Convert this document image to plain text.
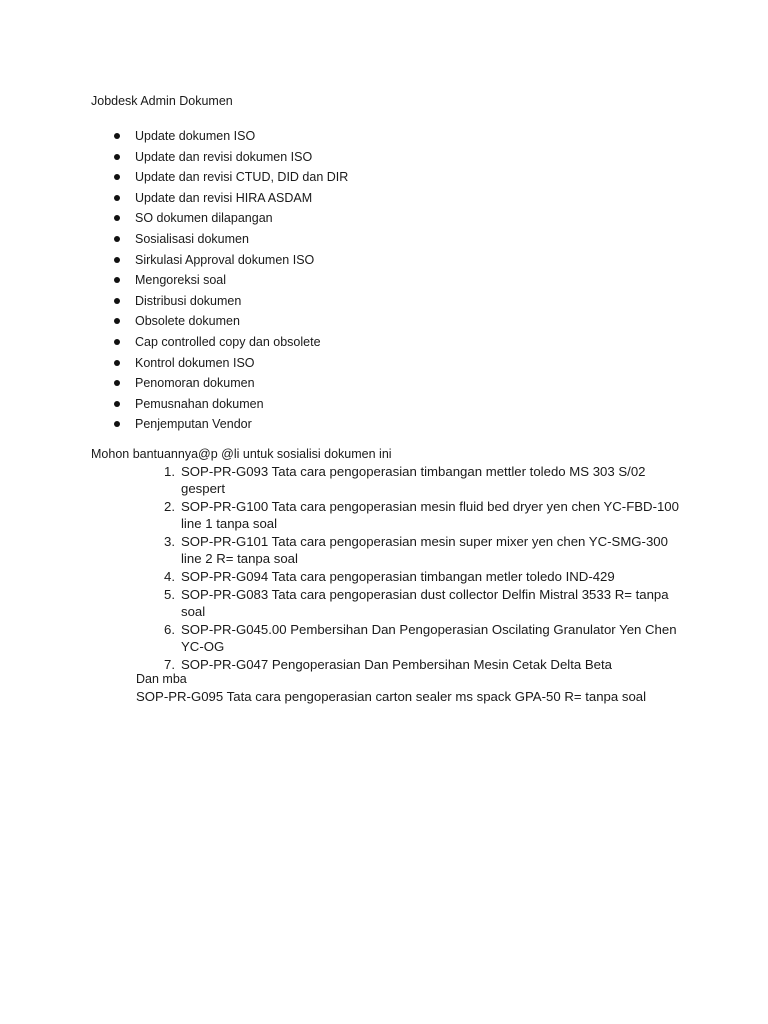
Jobdesk Admin Dokumen
Update dokumen ISO
Update dan revisi dokumen ISO
Update dan revisi CTUD, DID dan DIR
Update dan revisi HIRA ASDAM
SO dokumen dilapangan
Sosialisasi dokumen
Sirkulasi Approval dokumen ISO
Mengoreksi soal
Distribusi dokumen
Obsolete dokumen
Cap controlled copy dan obsolete
Kontrol dokumen ISO
Penomoran dokumen
Pemusnahan dokumen
Penjemputan Vendor
Mohon bantuannya@p @li untuk sosialisi dokumen ini
1. SOP-PR-G093 Tata cara pengoperasian timbangan mettler toledo MS 303 S/02 gespert
2. SOP-PR-G100 Tata cara pengoperasian mesin fluid bed dryer yen chen YC-FBD-100 line 1 tanpa soal
3. SOP-PR-G101 Tata cara pengoperasian mesin super mixer yen chen YC-SMG-300 line 2 R= tanpa soal
4. SOP-PR-G094 Tata cara pengoperasian timbangan metler toledo IND-429
5. SOP-PR-G083 Tata cara pengoperasian dust collector Delfin Mistral 3533 R= tanpa soal
6. SOP-PR-G045.00 Pembersihan Dan Pengoperasian Oscilating Granulator Yen Chen YC-OG
7. SOP-PR-G047 Pengoperasian Dan Pembersihan Mesin Cetak Delta Beta
Dan mba
SOP-PR-G095 Tata cara pengoperasian carton sealer ms spack GPA-50 R= tanpa soal
